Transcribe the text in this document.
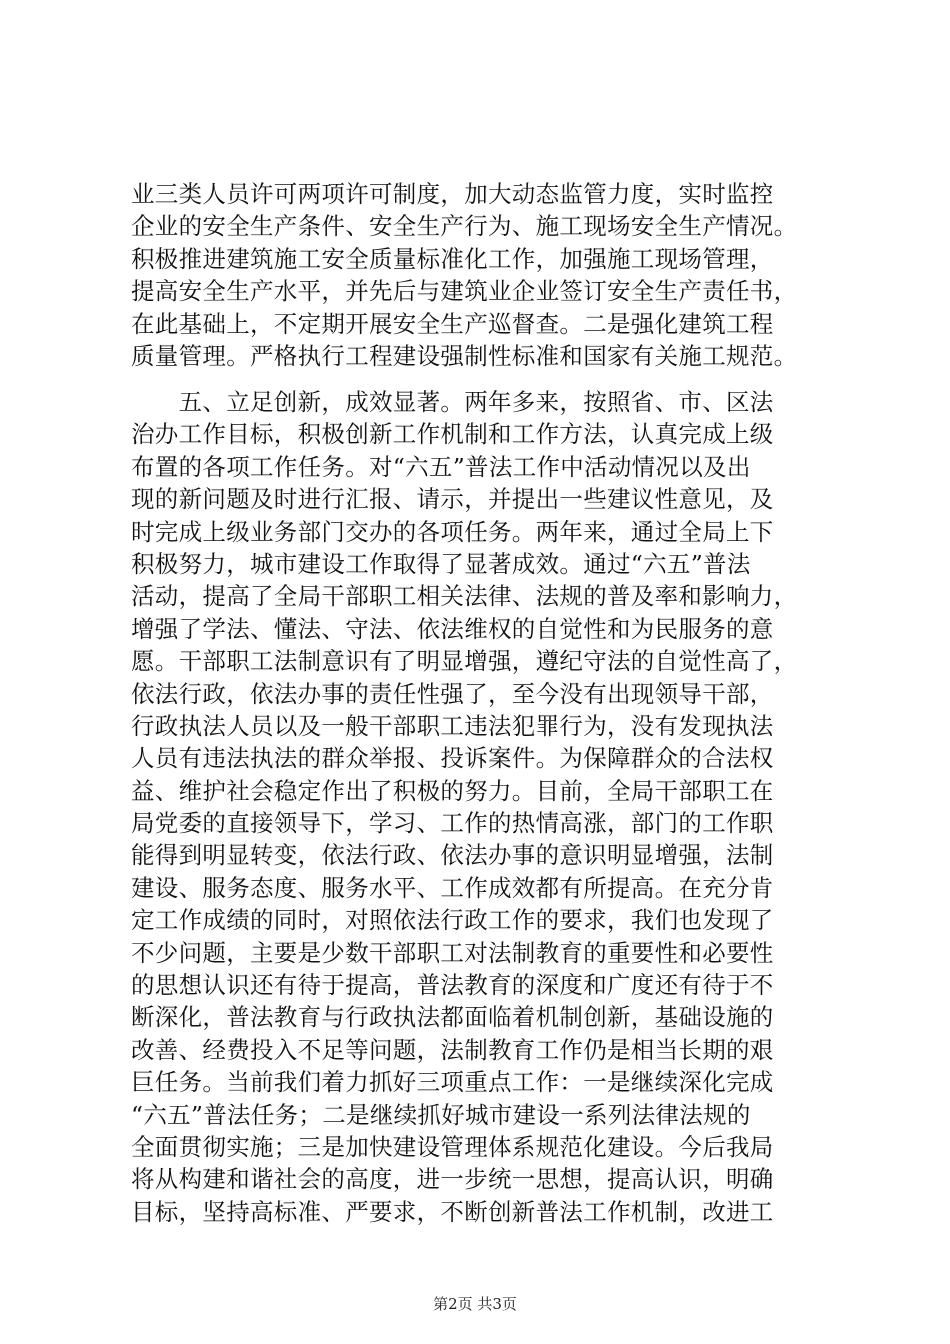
业三类人员许可两项许可制度，加大动态监管力度，实时监控
企业的安全生产条件、安全生产行为、施工现场安全生产情况。
积极推进建筑施工安全质量标准化工作，加强施工现场管理，
提高安全生产水平，并先后与建筑业企业签订安全生产责任书，
在此基础上，不定期开展安全生产巡督查。二是强化建筑工程
质量管理。严格执行工程建设强制性标准和国家有关施工规范。
　　五、立足创新，成效显著。两年多来，按照省、市、区法
治办工作目标，积极创新工作机制和工作方法，认真完成上级
布置的各项工作任务。对“六五”普法工作中活动情况以及出
现的新问题及时进行汇报、请示，并提出一些建议性意见，及
时完成上级业务部门交办的各项任务。两年来，通过全局上下
积极努力，城市建设工作取得了显著成效。通过“六五”普法
活动，提高了全局干部职工相关法律、法规的普及率和影响力，
增强了学法、懂法、守法、依法维权的自觉性和为民服务的意
愿。干部职工法制意识有了明显增强，遵纪守法的自觉性高了，
依法行政，依法办事的责任性强了，至今没有出现领导干部，
行政执法人员以及一般干部职工违法犯罪行为，没有发现执法
人员有违法执法的群众举报、投诉案件。为保障群众的合法权
益、维护社会稳定作出了积极的努力。目前，全局干部职工在
局党委的直接领导下，学习、工作的热情高涨，部门的工作职
能得到明显转变，依法行政、依法办事的意识明显增强，法制
建设、服务态度、服务水平、工作成效都有所提高。在充分肯
定工作成绩的同时，对照依法行政工作的要求，我们也发现了
不少问题，主要是少数干部职工对法制教育的重要性和必要性
的思想认识还有待于提高，普法教育的深度和广度还有待于不
断深化，普法教育与行政执法都面临着机制创新，基础设施的
改善、经费投入不足等问题，法制教育工作仍是相当长期的艰
巨任务。当前我们着力抓好三项重点工作：一是继续深化完成
“六五”普法任务；二是继续抓好城市建设一系列法律法规的
全面贯彻实施；三是加快建设管理体系规范化建设。今后我局
将从构建和谐社会的高度，进一步统一思想，提高认识，明确
目标，坚持高标准、严要求，不断创新普法工作机制，改进工
第2页 共3页
